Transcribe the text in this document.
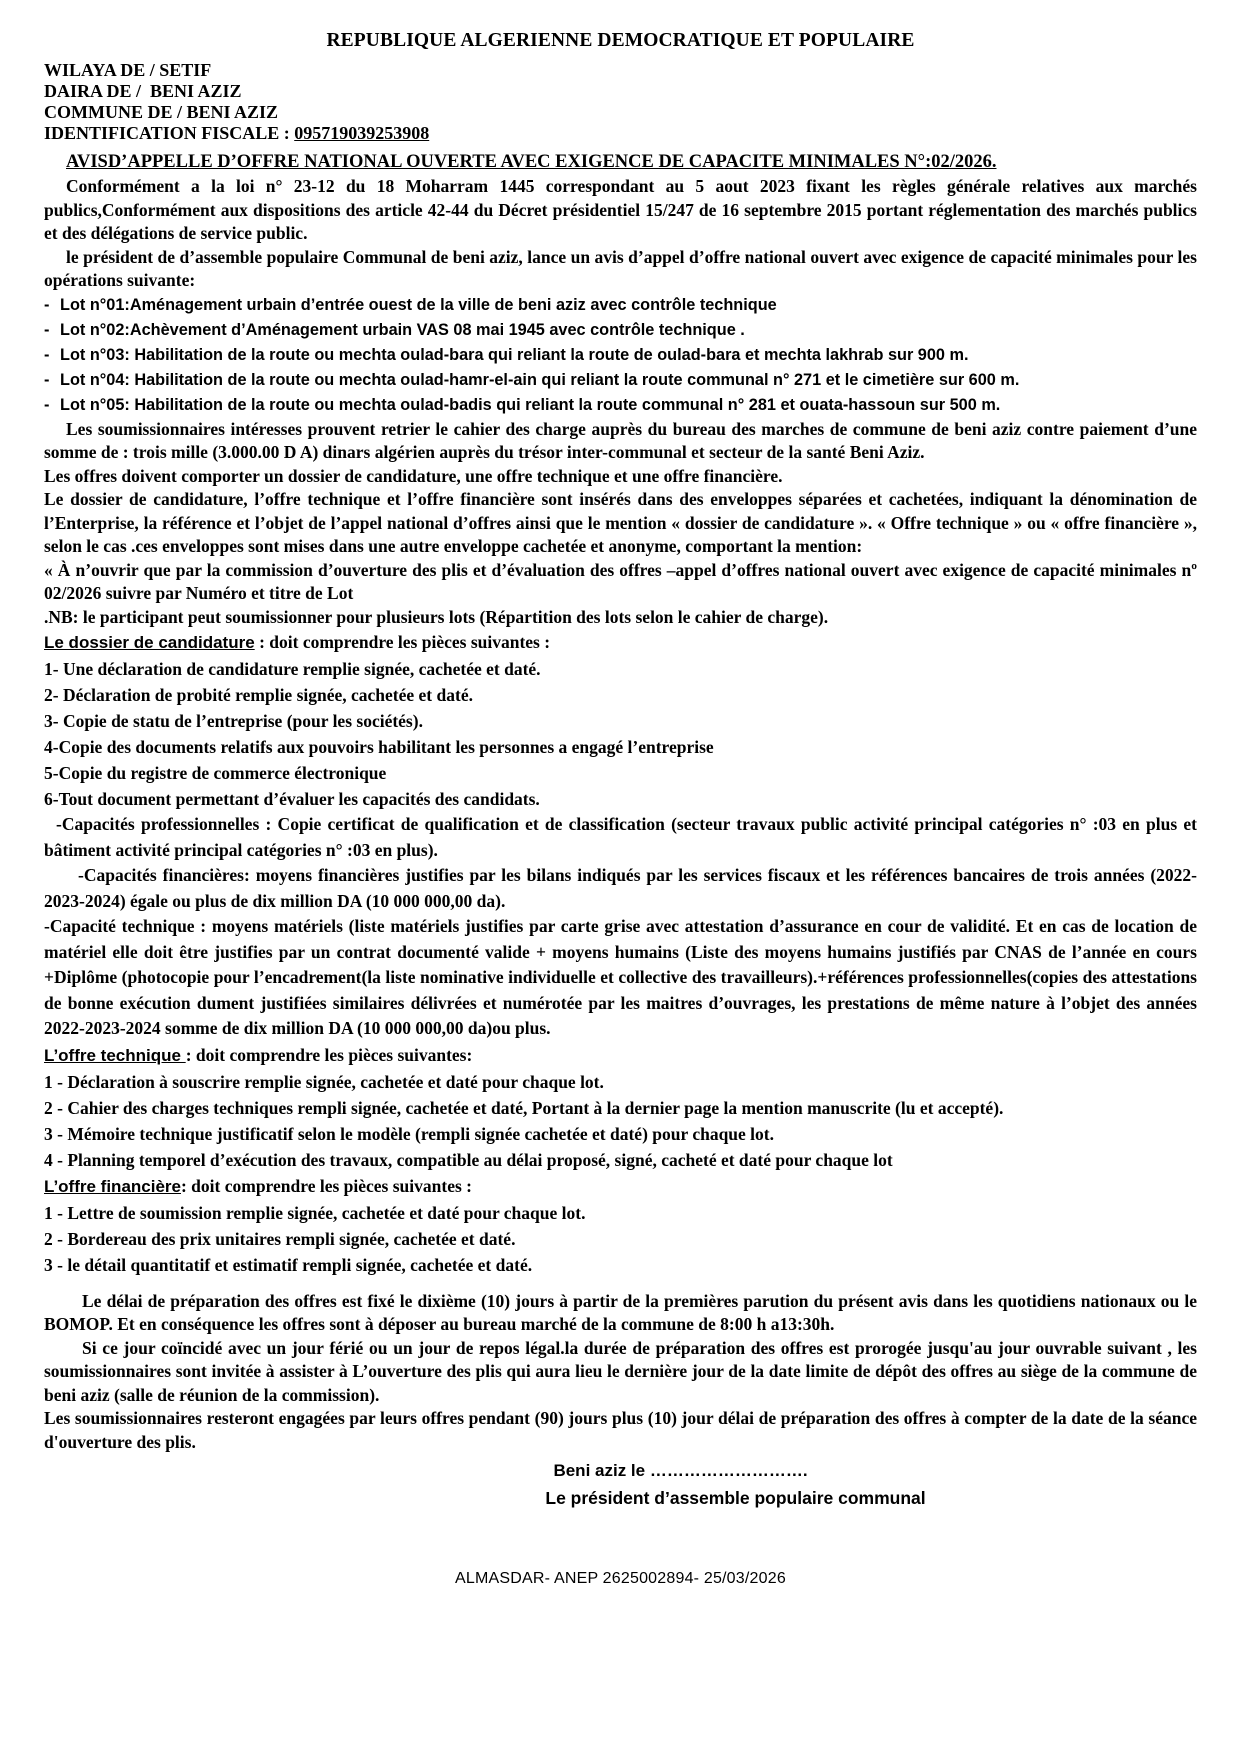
REPUBLIQUE ALGERIENNE DEMOCRATIQUE ET POPULAIRE
WILAYA DE / SETIF
DAIRA DE /  BENI AZIZ
COMMUNE DE / BENI AZIZ
IDENTIFICATION FISCALE : 095719039253908
AVISD’APPELLE D’OFFRE NATIONAL OUVERTE AVEC EXIGENCE DE CAPACITE MINIMALES N°:02/2026.

Conformément a la loi n° 23-12 du 18 Moharram 1445 correspondant au 5 aout 2023 fixant les règles générale relatives aux marchés publics,Conformément aux dispositions des article 42-44 du Décret présidentiel 15/247 de 16 septembre 2015 portant réglementation des marchés publics et des délégations de service public.

le président de d’assemble populaire Communal de beni aziz, lance un avis d’appel d’offre national ouvert avec exigence de capacité minimales pour les opérations suivante:

- Lot n°01:Aménagement urbain d’entrée ouest de la ville de beni aziz avec contrôle technique
- Lot n°02:Achèvement d’Aménagement urbain VAS 08 mai 1945 avec contrôle technique .
- Lot n°03: Habilitation de la route ou mechta oulad-bara qui reliant la route de oulad-bara et mechta lakhrab sur 900 m.
- Lot n°04: Habilitation de la route ou mechta oulad-hamr-el-ain qui reliant la route communal n° 271 et le cimetière sur 600 m.
- Lot n°05: Habilitation de la route ou mechta oulad-badis qui reliant la route communal n° 281 et ouata-hassoun sur 500 m.

Les soumissionnaires intéresses prouvent retrier le cahier des charge auprès du bureau des marches de commune de beni aziz contre paiement d’une somme de : trois mille (3.000.00 D A) dinars algérien auprès du trésor inter-communal et secteur de la santé Beni Aziz.

Les offres doivent comporter un dossier de candidature, une offre technique et une offre financière.

Le dossier de candidature, l’offre technique et l’offre financière sont insérés dans des enveloppes séparées et cachetées, indiquant la dénomination de l’Enterprise, la référence et l’objet de l’appel national d’offres ainsi que le mention « dossier de candidature ». « Offre technique » ou « offre financière », selon le cas .ces enveloppes sont mises dans une autre enveloppe cachetée et anonyme, comportant la mention:

« À n’ouvrir que par la commission d’ouverture des plis et d’évaluation des offres –appel d’offres national ouvert avec exigence de capacité minimales nº 02/2026 suivre par Numéro et titre de Lot

.NB: le participant peut soumissionner pour plusieurs lots (Répartition des lots selon le cahier de charge).

Le dossier de candidature : doit comprendre les pièces suivantes :

1- Une déclaration de candidature remplie signée, cachetée et daté.

2- Déclaration de probité remplie signée, cachetée et daté.

3- Copie de statu de l’entreprise (pour les sociétés).

4-Copie des documents relatifs aux pouvoirs habilitant les personnes a engagé l’entreprise

5-Copie du registre de commerce électronique

6-Tout document permettant d’évaluer les capacités des candidats.

-Capacités professionnelles : Copie certificat de qualification et de classification (secteur travaux public activité principal catégories n° :03 en plus et bâtiment activité principal catégories n° :03 en plus).

-Capacités financières: moyens financières justifies par les bilans indiqués par les services fiscaux et les références bancaires de trois années (2022-2023-2024) égale ou plus de dix million DA (10 000 000,00 da).

-Capacité technique : moyens matériels (liste matériels justifies par carte grise avec attestation d’assurance en cour de validité. Et en cas de location de matériel elle doit être justifies par un contrat documenté valide + moyens humains (Liste des moyens humains justifiés par CNAS de l’année en cours +Diplôme (photocopie pour l’encadrement(la liste nominative individuelle et collective des travailleurs).+références professionnelles(copies des attestations de bonne exécution dument justifiées similaires délivrées et numérotée par les maitres d’ouvrages, les prestations de même nature à l’objet des années 2022-2023-2024 somme de dix million DA (10 000 000,00 da)ou plus.

L’offre technique : doit comprendre les pièces suivantes:

1 - Déclaration à souscrire remplie signée, cachetée et daté pour chaque lot.

2 - Cahier des charges techniques rempli signée, cachetée et daté, Portant à la dernier page la mention manuscrite (lu et accepté).

3 - Mémoire technique justificatif selon le modèle (rempli signée cachetée et daté) pour chaque lot.

4 - Planning temporel d’exécution des travaux, compatible au délai proposé, signé, cacheté et daté pour chaque lot

L’offre financière: doit comprendre les pièces suivantes :

1 - Lettre de soumission remplie signée, cachetée et daté pour chaque lot.

2 - Bordereau des prix unitaires rempli signée, cachetée et daté.

3 - le détail quantitatif et estimatif rempli signée, cachetée et daté.

Le délai de préparation des offres est fixé le dixième (10) jours à partir de la premières parution du présent avis dans les quotidiens nationaux ou le BOMOP. Et en conséquence les offres sont à déposer au bureau marché de la commune de 8:00 h a13:30h.

Si ce jour coïncidé avec un jour férié ou un jour de repos légal.la durée de préparation des offres est prorogée jusqu'au jour ouvrable suivant , les soumissionnaires sont invitée à assister à L’ouverture des plis qui aura lieu le dernière jour de la date limite de dépôt des offres au siège de la commune de beni aziz (salle de réunion de la commission).

Les soumissionnaires resteront engagées par leurs offres pendant (90) jours plus (10) jour délai de préparation des offres à compter de la date de la séance d'ouverture des plis.

Beni aziz le ……………………….
Le président d’assemble populaire communal
ALMASDAR- ANEP 2625002894- 25/03/2026
